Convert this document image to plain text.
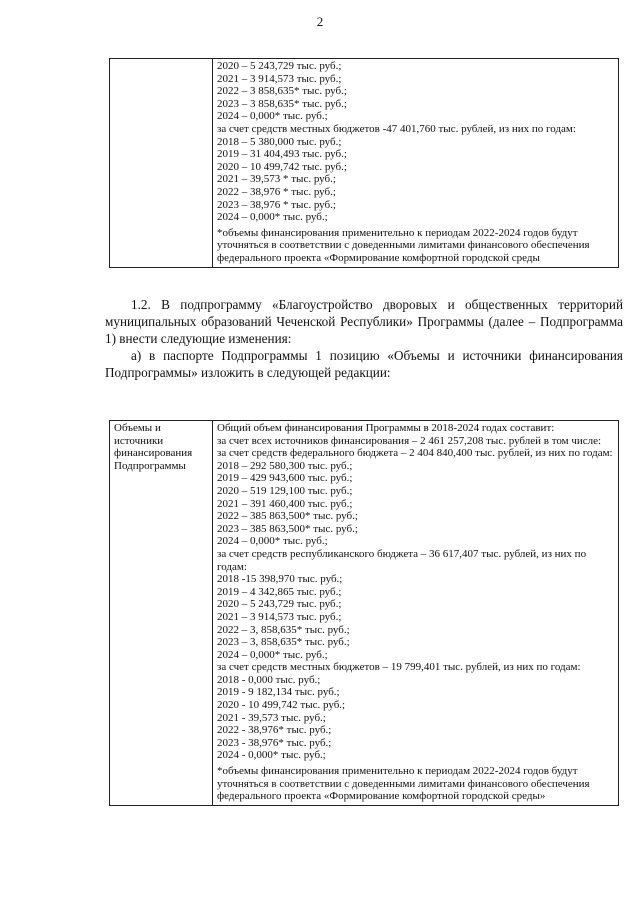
2

2020 – 5 243,729 тыс. руб.;
2021 – 3 914,573 тыс. руб.;
2022 – 3 858,635* тыс. руб.;
2023 – 3 858,635* тыс. руб.;
2024 – 0,000* тыс. руб.;
за счет средств местных бюджетов -47 401,760 тыс. рублей, из них по годам:
2018 – 5 380,000 тыс. руб.;
2019 – 31 404,493 тыс. руб.;
2020 – 10 499,742 тыс. руб.;
2021 – 39,573 * тыс. руб.;
2022 – 38,976 * тыс. руб.;
2023 – 38,976 * тыс. руб.;
2024 – 0,000* тыс. руб.;
*объемы финансирования применительно к периодам 2022-2024 годов будут уточняться в соответствии с доведенными лимитами финансового обеспечения федерального проекта «Формирование комфортной городской среды
1.2. В подпрограмму «Благоустройство дворовых и общественных территорий муниципальных образований Чеченской Республики» Программы (далее – Подпрограмма 1) внести следующие изменения:
а) в паспорте Подпрограммы 1 позицию «Объемы и источники финансирования Подпрограммы» изложить в следующей редакции:
Объемы и источники финансирования Подпрограммы	
Общий объем финансирования Программы в 2018-2024 годах составит:
за счет всех источников финансирования – 2 461 257,208 тыс. рублей в том числе:
за счет средств федерального бюджета – 2 404 840,400 тыс. рублей, из них по годам:
2018 – 292 580,300 тыс. руб.;
2019 – 429 943,600 тыс. руб.;
2020 – 519 129,100 тыс. руб.;
2021 – 391 460,400 тыс. руб.;
2022 – 385 863,500* тыс. руб.;
2023 – 385 863,500* тыс. руб.;
2024 – 0,000* тыс. руб.;
за счет средств республиканского бюджета – 36 617,407 тыс. рублей, из них по годам:
2018 -15 398,970 тыс. руб.;
2019 – 4 342,865 тыс. руб.;
2020 – 5 243,729 тыс. руб.;
2021 – 3 914,573 тыс. руб.;
2022 – 3, 858,635* тыс. руб.;
2023 – 3, 858,635* тыс. руб.;
2024 – 0,000* тыс. руб.;
за счет средств местных бюджетов – 19 799,401 тыс. рублей, из них по годам:
2018 - 0,000 тыс. руб.;
2019 - 9 182,134 тыс. руб.;
2020 - 10 499,742 тыс. руб.;
2021 - 39,573 тыс. руб.;
2022 - 38,976* тыс. руб.;
2023 - 38,976* тыс. руб.;
2024 - 0,000* тыс. руб.;
*объемы финансирования применительно к периодам 2022-2024 годов будут уточняться в соответствии с доведенными лимитами финансового обеспечения федерального проекта «Формирование комфортной городской среды»
